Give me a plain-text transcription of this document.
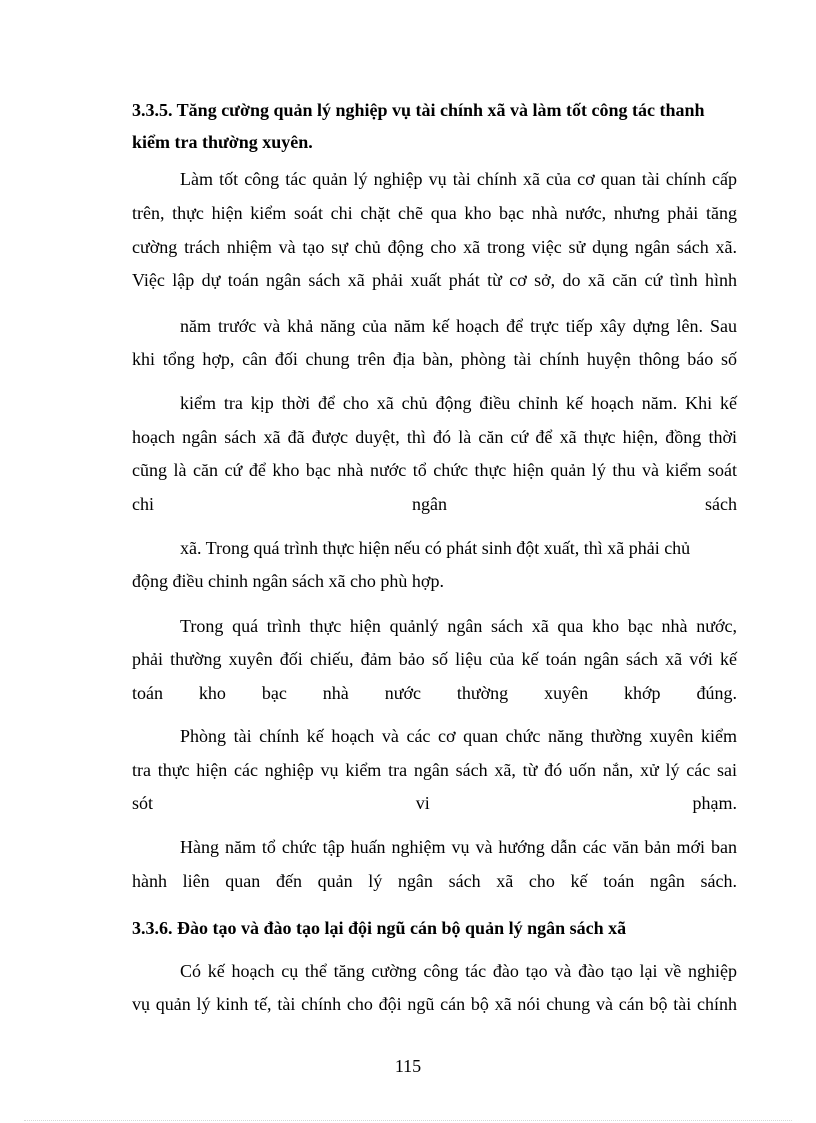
3.3.5. Tăng cường quản lý nghiệp vụ tài chính xã và làm tốt công tác thanh

kiểm tra thường xuyên.

Làm tốt công tác quản lý nghiệp vụ tài chính xã của cơ quan tài chính cấp

trên, thực hiện kiểm soát chi chặt chẽ qua kho bạc nhà nước, nhưng phải tăng

cường trách nhiệm và tạo sự chủ động cho xã trong việc sử dụng ngân sách xã.

Việc lập dự toán ngân sách xã phải xuất phát từ cơ sở, do xã căn cứ tình hình

năm trước và khả năng của năm kế hoạch để trực tiếp xây dựng lên. Sau

khi tổng hợp, cân đối chung trên địa bàn, phòng tài chính huyện thông báo số

kiểm tra kịp thời để cho xã chủ động điều chỉnh kế hoạch năm. Khi kế

hoạch ngân sách xã đã được duyệt, thì đó là căn cứ để xã thực hiện, đồng thời

cũng là căn cứ để kho bạc nhà nước tổ chức thực hiện quản lý thu và kiểm soát

chi ngân sách

xã. Trong quá trình thực hiện nếu có phát sinh đột xuất, thì xã phải chủ

động điều chinh ngân sách xã cho phù hợp.

Trong quá trình thực hiện quảnlý ngân sách xã qua kho bạc nhà nước,

phải thường xuyên đối chiếu, đảm bảo số liệu của kế toán ngân sách xã với kế

toán kho bạc nhà nước thường xuyên khớp đúng.

Phòng tài chính kế hoạch và các cơ quan chức năng thường xuyên kiểm

tra thực hiện các nghiệp vụ kiểm tra ngân sách xã, từ đó uốn nắn, xử lý các sai

sót vi phạm.

Hàng năm tổ chức tập huấn nghiệm vụ và hướng dẫn các văn bản mới ban

hành liên quan đến quản lý ngân sách xã cho kế toán ngân sách.

3.3.6. Đào tạo và đào tạo lại đội ngũ cán bộ quản lý ngân sách xã

Có kế hoạch cụ thể tăng cường công tác đào tạo và đào tạo lại về nghiệp

vụ quản lý kinh tế, tài chính cho đội ngũ cán bộ xã nói chung và cán bộ tài chính

115
